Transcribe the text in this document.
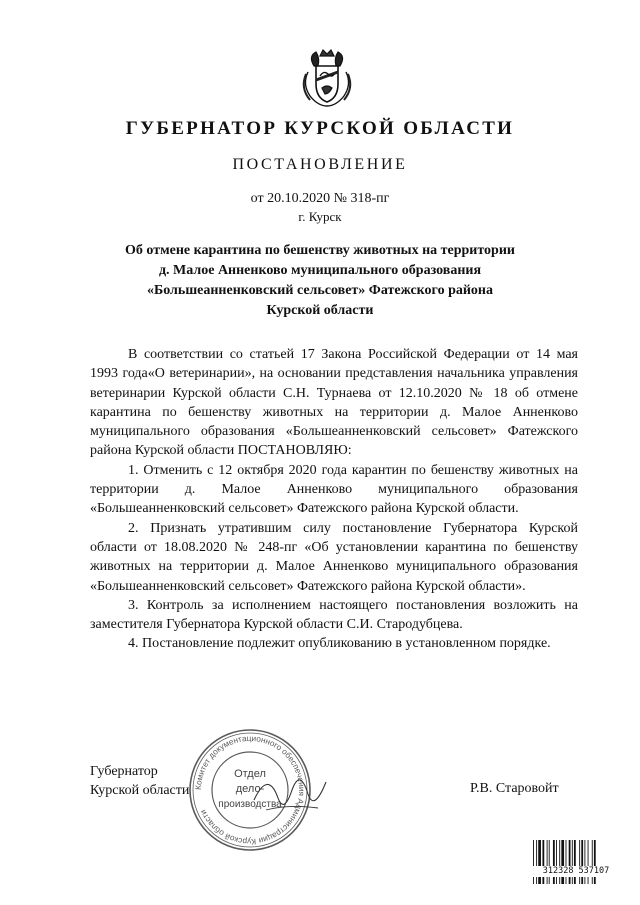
ГУБЕРНАТОР КУРСКОЙ ОБЛАСТИ
ПОСТАНОВЛЕНИЕ
от 20.10.2020 № 318-пг
г. Курск
Об отмене карантина по бешенству животных на территории
д. Малое Анненково муниципального образования
«Большеанненковский сельсовет» Фатежского района
Курской области

В соответствии со статьей 17 Закона Российской Федерации от 14 мая 1993 года«О ветеринарии», на основании представления начальника управления ветеринарии Курской области С.Н. Турнаева от 12.10.2020 № 18 об отмене карантина по бешенству животных на территории д. Малое Анненково муниципального образования «Большеанненковский сельсовет» Фатежского района Курской области ПОСТАНОВЛЯЮ:

1. Отменить с 12 октября 2020 года карантин по бешенству животных на территории д. Малое Анненково муниципального образования «Большеанненковский сельсовет» Фатежского района Курской области.

2. Признать утратившим силу постановление Губернатора Курской области от 18.08.2020 № 248-пг «Об установлении карантина по бешенству животных на территории д. Малое Анненково муниципального образования «Большеанненковский сельсовет» Фатежского района Курской области».

3. Контроль за исполнением настоящего постановления возложить на заместителя Губернатора Курской области С.И. Стародубцева.

4. Постановление подлежит опубликованию в установленном порядке.

Губернатор
Курской области Комитет документационного обеспечения Администрации Курской области
Отдел
дело-
производства
Р.В. Старовойт
312328 537107
